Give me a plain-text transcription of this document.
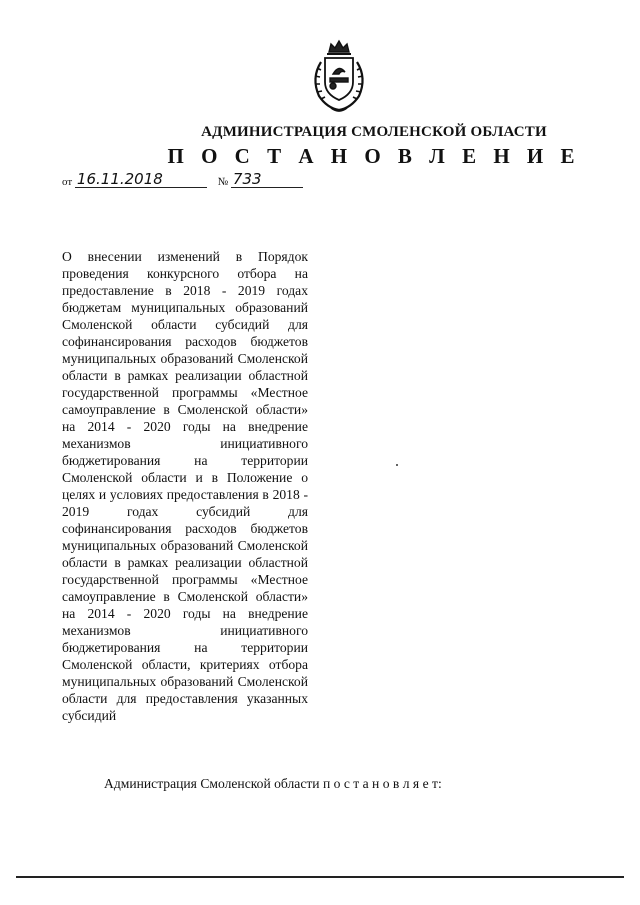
АДМИНИСТРАЦИЯ СМОЛЕНСКОЙ ОБЛАСТИ
П О С Т А Н О В Л Е Н И Е
от 16.11.2018	№ 733
О внесении изменений в Порядок проведения конкурсного отбора на предоставление в 2018 - 2019 годах бюджетам муниципальных образований Смоленской области субсидий для софинансирования расходов бюджетов муниципальных образований Смоленской области в рамках реализации областной государственной программы «Местное самоуправление в Смоленской области» на 2014 - 2020 годы на внедрение механизмов инициативного бюджетирования на территории Смоленской области и в Положение о целях и условиях предоставления в 2018 - 2019 годах субсидий для софинансирования расходов бюджетов муниципальных образований Смоленской области в рамках реализации областной государственной программы «Местное самоуправление в Смоленской области» на 2014 - 2020 годы на внедрение механизмов инициативного бюджетирования на территории Смоленской области, критериях отбора муниципальных образований Смоленской области для предоставления указанных субсидий
Администрация Смоленской области п о с т а н о в л я е т:
